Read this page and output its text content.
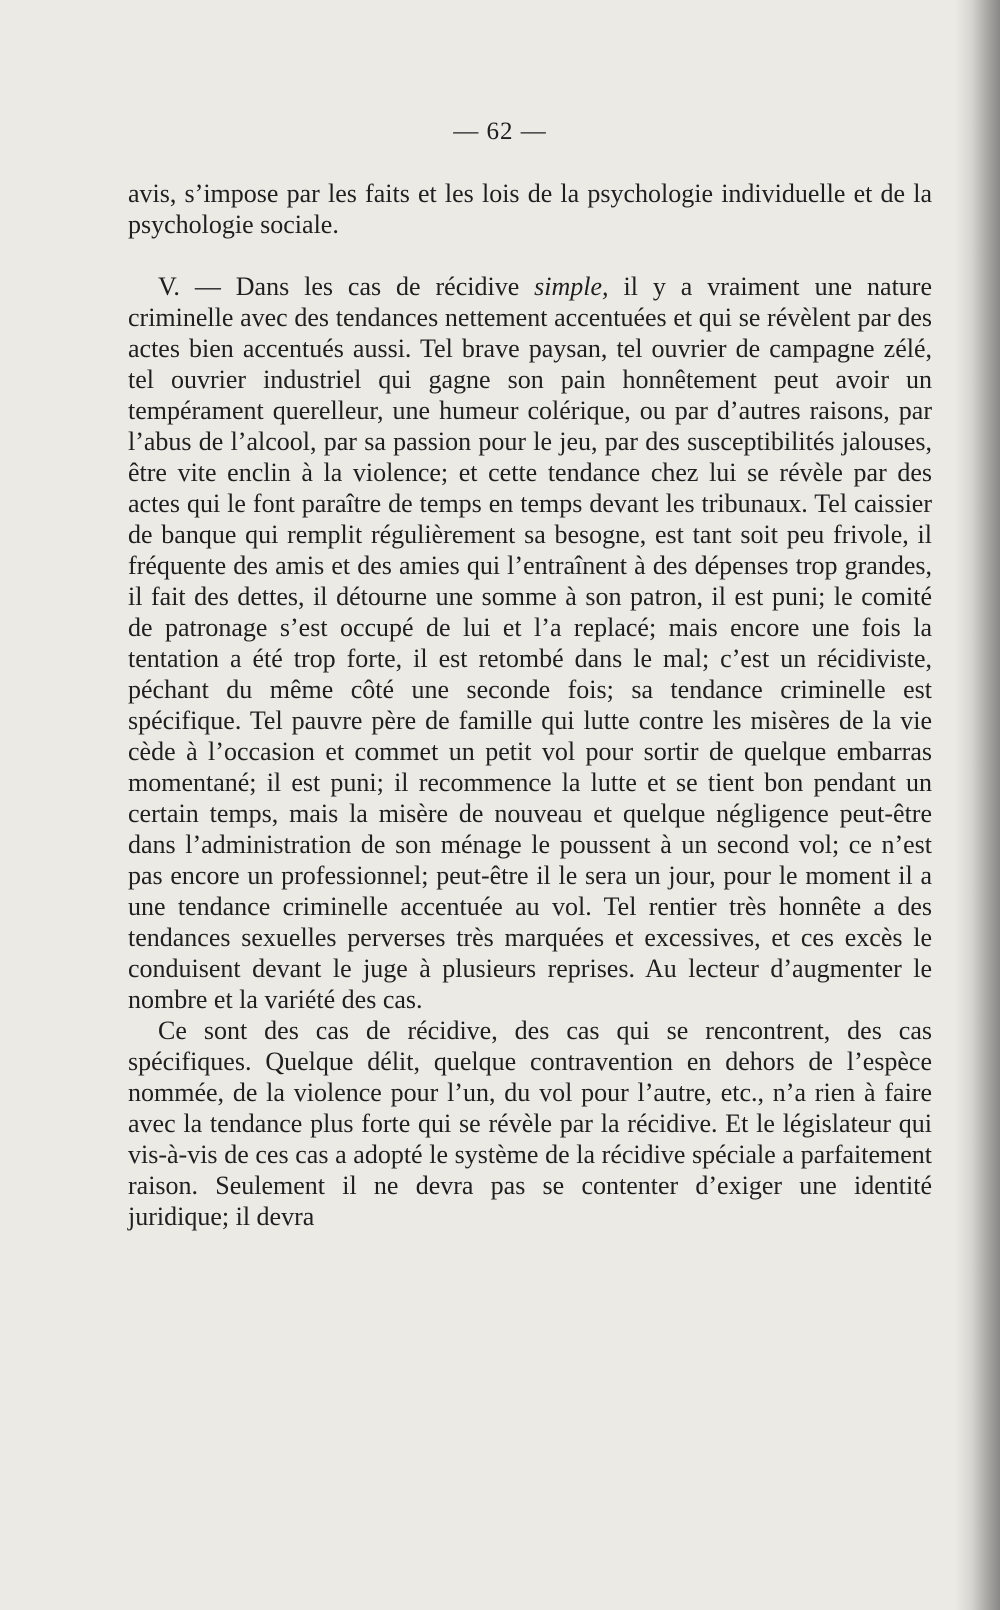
— 62 —

avis, s’impose par les faits et les lois de la psychologie individuelle et de la psychologie sociale.

V. — Dans les cas de récidive simple, il y a vraiment une nature criminelle avec des tendances nettement accentuées et qui se révèlent par des actes bien accentués aussi. Tel brave paysan, tel ouvrier de campagne zélé, tel ouvrier industriel qui gagne son pain honnêtement peut avoir un tempérament querelleur, une humeur colérique, ou par d’autres raisons, par l’abus de l’alcool, par sa passion pour le jeu, par des susceptibilités jalouses, être vite enclin à la violence; et cette tendance chez lui se révèle par des actes qui le font paraître de temps en temps devant les tribunaux. Tel caissier de banque qui remplit régulièrement sa besogne, est tant soit peu frivole, il fréquente des amis et des amies qui l’entraînent à des dépenses trop grandes, il fait des dettes, il détourne une somme à son patron, il est puni; le comité de patronage s’est occupé de lui et l’a replacé; mais encore une fois la tentation a été trop forte, il est retombé dans le mal; c’est un récidiviste, péchant du même côté une seconde fois; sa tendance criminelle est spécifique. Tel pauvre père de famille qui lutte contre les misères de la vie cède à l’occasion et commet un petit vol pour sortir de quelque embarras momentané; il est puni; il recommence la lutte et se tient bon pendant un certain temps, mais la misère de nouveau et quelque négligence peut-être dans l’administration de son ménage le poussent à un second vol; ce n’est pas encore un professionnel; peut-être il le sera un jour, pour le moment il a une tendance criminelle accentuée au vol. Tel rentier très honnête a des tendances sexuelles perverses très marquées et excessives, et ces excès le conduisent devant le juge à plusieurs reprises. Au lecteur d’augmenter le nombre et la variété des cas.

Ce sont des cas de récidive, des cas qui se rencontrent, des cas spécifiques. Quelque délit, quelque contravention en dehors de l’espèce nommée, de la violence pour l’un, du vol pour l’autre, etc., n’a rien à faire avec la tendance plus forte qui se révèle par la récidive. Et le législateur qui vis-à-vis de ces cas a adopté le système de la récidive spéciale a parfaitement raison. Seulement il ne devra pas se contenter d’exiger une identité juridique; il devra
